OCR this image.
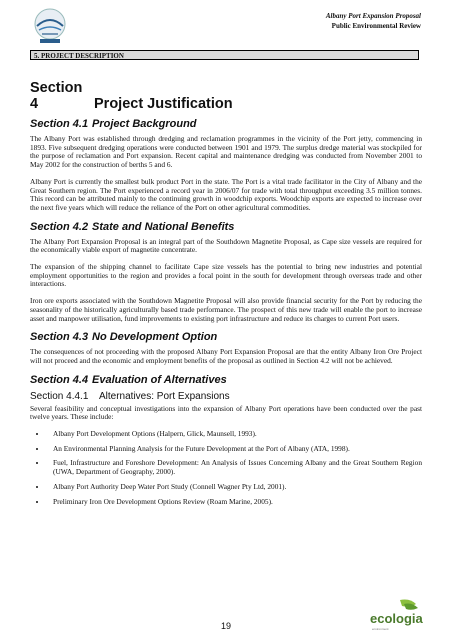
Albany Port Expansion Proposal
Public Environmental Review
5. PROJECT DESCRIPTION
Section 4	Project Justification
Section 4.1 Project Background

The Albany Port was established through dredging and reclamation programmes in the vicinity of the Port jetty, commencing in 1893. Five subsequent dredging operations were conducted between 1901 and 1979. The surplus dredge material was stockpiled for the purpose of reclamation and Port expansion. Recent capital and maintenance dredging was conducted from November 2001 to May 2002 for the construction of berths 5 and 6.

Albany Port is currently the smallest bulk product Port in the state. The Port is a vital trade facilitator in the City of Albany and the Great Southern region. The Port experienced a record year in 2006/07 for trade with total throughput exceeding 3.5 million tonnes. This record can be attributed mainly to the continuing growth in woodchip exports. Woodchip exports are expected to increase over the next five years which will reduce the reliance of the Port on other agricultural commodities.

Section 4.2 State and National Benefits

The Albany Port Expansion Proposal is an integral part of the Southdown Magnetite Proposal, as Cape size vessels are required for the economically viable export of magnetite concentrate.

The expansion of the shipping channel to facilitate Cape size vessels has the potential to bring new industries and potential employment opportunities to the region and provides a focal point in the south for development through overseas trade and other interactions.

Iron ore exports associated with the Southdown Magnetite Proposal will also provide financial security for the Port by reducing the seasonality of the historically agriculturally based trade performance. The prospect of this new trade will enable the port to increase asset and manpower utilisation, fund improvements to existing port infrastructure and reduce its charges to current Port users.

Section 4.3 No Development Option

The consequences of not proceeding with the proposed Albany Port Expansion Proposal are that the entity Albany Iron Ore Project will not proceed and the economic and employment benefits of the proposal as outlined in Section 4.2 will not be achieved.

Section 4.4 Evaluation of Alternatives
Section 4.4.1 Alternatives: Port Expansions

Several feasibility and conceptual investigations into the expansion of Albany Port operations have been conducted over the past twelve years. These include:

• Albany Port Development Options (Halpern, Glick, Maunsell, 1993).
• An Environmental Planning Analysis for the Future Development at the Port of Albany (ATA, 1998).
• Fuel, Infrastructure and Foreshore Development: An Analysis of Issues Concerning Albany and the Great Southern Region (UWA, Department of Geography, 2000).
• Albany Port Authority Deep Water Port Study (Connell Wagner Pty Ltd, 2001).
• Preliminary Iron Ore Development Options Review (Roam Marine, 2005).
19	ecologia
environment
